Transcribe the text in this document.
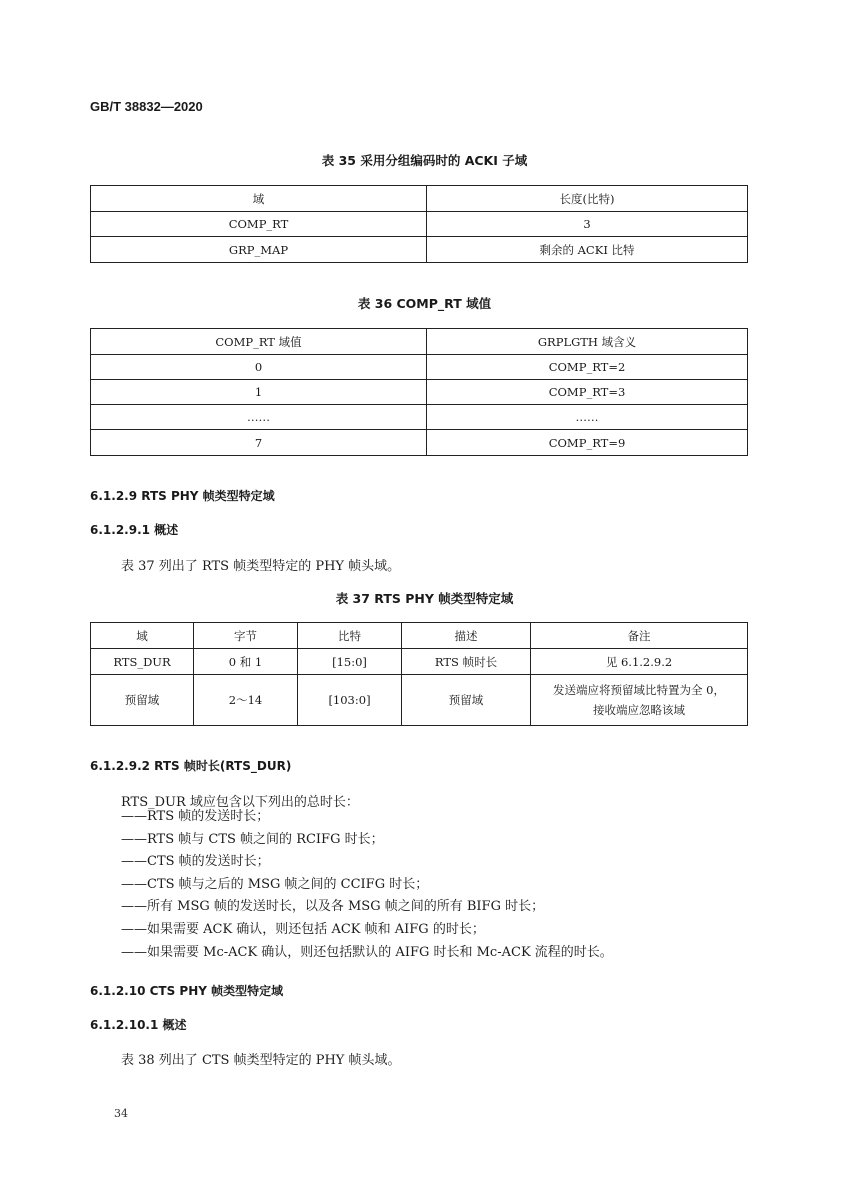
GB/T 38832—2020
表 35 采用分组编码时的 ACKI 子域
域	长度(比特)
COMP_RT	3
GRP_MAP	剩余的 ACKI 比特
表 36 COMP_RT 域值
COMP_RT 域值	GRPLGTH 域含义
0	COMP_RT=2
1	COMP_RT=3
……	……
7	COMP_RT=9
6.1.2.9 RTS PHY 帧类型特定域
6.1.2.9.1 概述
表 37 列出了 RTS 帧类型特定的 PHY 帧头域。
表 37 RTS PHY 帧类型特定域
域	字节	比特	描述	备注
RTS_DUR	0 和 1	[15:0]	RTS 帧时长	见 6.1.2.9.2
预留域	2～14	[103:0]	预留域	发送端应将预留域比特置为全 0，
接收端应忽略该域
6.1.2.9.2 RTS 帧时长(RTS_DUR)
RTS_DUR 域应包含以下列出的总时长：
——RTS 帧的发送时长；
——RTS 帧与 CTS 帧之间的 RCIFG 时长；
——CTS 帧的发送时长；
——CTS 帧与之后的 MSG 帧之间的 CCIFG 时长；
——所有 MSG 帧的发送时长，以及各 MSG 帧之间的所有 BIFG 时长；
——如果需要 ACK 确认，则还包括 ACK 帧和 AIFG 的时长；
——如果需要 Mc-ACK 确认，则还包括默认的 AIFG 时长和 Mc-ACK 流程的时长。
6.1.2.10 CTS PHY 帧类型特定域
6.1.2.10.1 概述
表 38 列出了 CTS 帧类型特定的 PHY 帧头域。
34
